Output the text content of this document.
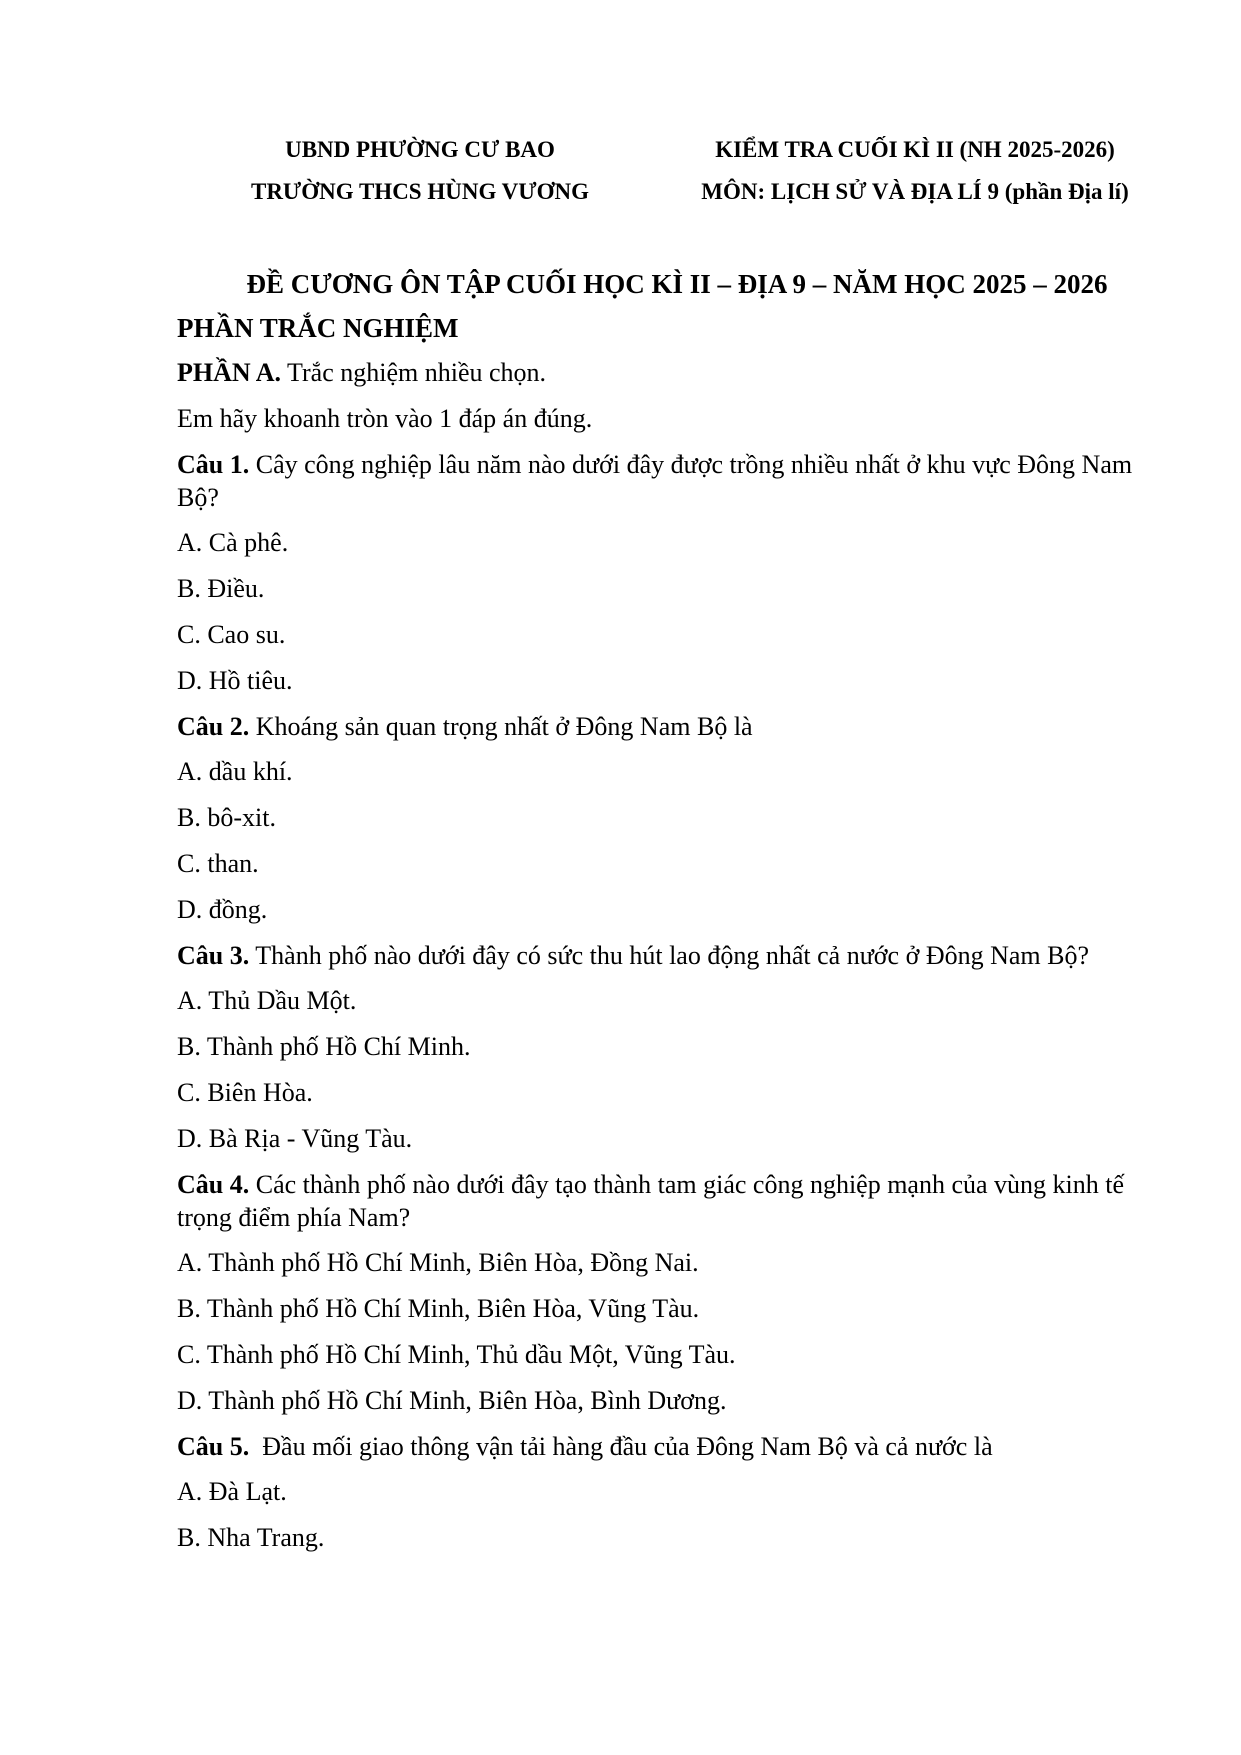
UBND PHƯỜNG CƯ BAO
TRƯỜNG THCS HÙNG VƯƠNG
KIỂM TRA CUỐI KÌ II (NH 2025-2026)
MÔN: LỊCH SỬ VÀ ĐỊA LÍ 9 (phần Địa lí)
ĐỀ CƯƠNG ÔN TẬP CUỐI HỌC KÌ II – ĐỊA 9 – NĂM HỌC 2025 – 2026
PHẦN TRẮC NGHIỆM
PHẦN A. Trắc nghiệm nhiều chọn.
Em hãy khoanh tròn vào 1 đáp án đúng.
Câu 1. Cây công nghiệp lâu năm nào dưới đây được trồng nhiều nhất ở khu vực Đông Nam Bộ?
A. Cà phê.
B. Điều.
C. Cao su.
D. Hồ tiêu.
Câu 2. Khoáng sản quan trọng nhất ở Đông Nam Bộ là
A. dầu khí.
B. bô-xit.
C. than.
D. đồng.
Câu 3. Thành phố nào dưới đây có sức thu hút lao động nhất cả nước ở Đông Nam Bộ?
A. Thủ Dầu Một.
B. Thành phố Hồ Chí Minh.
C. Biên Hòa.
D. Bà Rịa - Vũng Tàu.
Câu 4. Các thành phố nào dưới đây tạo thành tam giác công nghiệp mạnh của vùng kinh tế trọng điểm phía Nam?
A. Thành phố Hồ Chí Minh, Biên Hòa, Đồng Nai.
B. Thành phố Hồ Chí Minh, Biên Hòa, Vũng Tàu.
C. Thành phố Hồ Chí Minh, Thủ dầu Một, Vũng Tàu.
D. Thành phố Hồ Chí Minh, Biên Hòa, Bình Dương.
Câu 5.  Đầu mối giao thông vận tải hàng đầu của Đông Nam Bộ và cả nước là
A. Đà Lạt.
B. Nha Trang.
